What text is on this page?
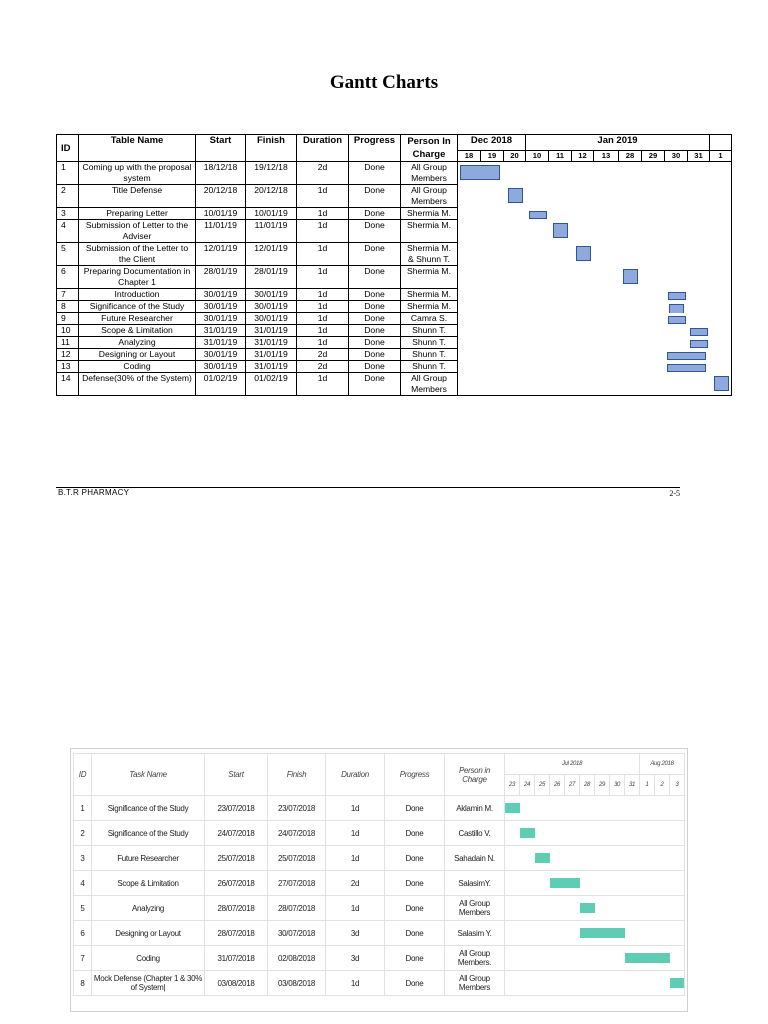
Gantt Charts
ID	Table Name	Start	Finish	Duration	Progress	Person In Charge	Dec 2018			Jan 2019								
							18	19	20	10	11	12	13	28	29	30	31	1
1	Coming up with the proposal system	18/12/18	19/12/18	2d	Done	All Group Members												

2	Title Defense	20/12/18	20/12/18	1d	Done	All Group Members												

3	Preparing Letter	10/01/19	10/01/19	1d	Done	Shermia M.												

4	Submission of Letter to the Adviser	11/01/19	11/01/19	1d	Done	Shermia M.												

5	Submission of the Letter to the Client	12/01/19	12/01/19	1d	Done	Shermia M. & Shunn T.												

6	Preparing Documentation in Chapter 1	28/01/19	28/01/19	1d	Done	Shermia M.												

7	Introduction	30/01/19	30/01/19	1d	Done	Shermia M.												

8	Significance of the Study	30/01/19	30/01/19	1d	Done	Shermia M.												

9	Future Researcher	30/01/19	30/01/19	1d	Done	Camra S.												

10	Scope & Limitation	31/01/19	31/01/19	1d	Done	Shunn T.												

11	Analyzing	31/01/19	31/01/19	1d	Done	Shunn T.												

12	Designing or Layout	30/01/19	31/01/19	2d	Done	Shunn T.												

13	Coding	30/01/19	31/01/19	2d	Done	Shunn T.												

14	Defense(30% of the System)	01/02/19	01/02/19	1d	Done	All Group Members												
B.T.R PHARMACY	2-5
ID	Task Name	Start	Finish	Duration	Progress	Person in Charge	Jul 2018									Aug 2018		
							23	24	25	26	27	28	29	30	31	1	2	3
1	Significance of the Study	23/07/2018	23/07/2018	1d	Done	Aklamin M.												

2	Significance of the Study	24/07/2018	24/07/2018	1d	Done	Castillo V.												

3	Future Researcher	25/07/2018	25/07/2018	1d	Done	Sahadain N.												

4	Scope & Limitation	26/07/2018	27/07/2018	2d	Done	SalasimY.												

5	Analyzing	28/07/2018	28/07/2018	1d	Done	All Group Members												

6	Designing or Layout	28/07/2018	30/07/2018	3d	Done	Salasim Y.												

7	Coding	31/07/2018	02/08/2018	3d	Done	All Group Members.												

8	Mock Defense (Chapter 1 & 30% of System|	03/08/2018	03/08/2018	1d	Done	All Group Members												
